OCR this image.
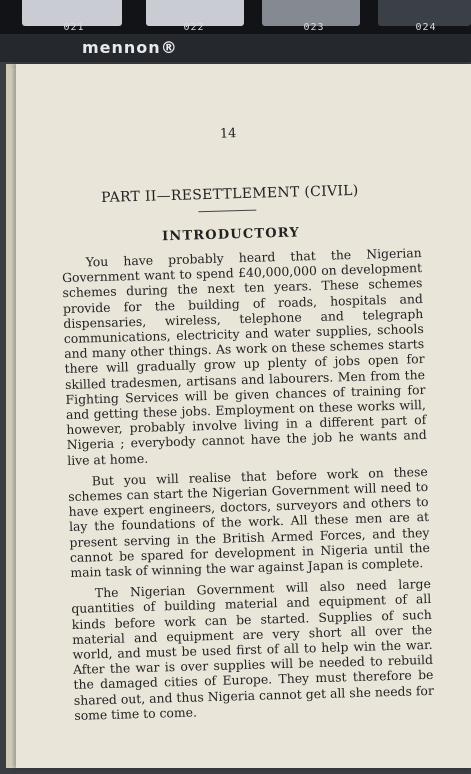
021	022	023	024
mennon®
14
PART II—RESETTLEMENT (CIVIL)
INTRODUCTORY

You have probably heard that the Nigerian Government want to spend £40,000,000 on development schemes during the next ten years. These schemes provide for the building of roads, hospitals and dispensaries, wireless, telephone and telegraph communications, electricity and water supplies, schools and many other things. As work on these schemes starts there will gradually grow up plenty of jobs open for skilled tradesmen, artisans and labourers. Men from the Fighting Services will be given chances of training for and getting these jobs. Employment on these works will, however, probably involve living in a different part of Nigeria ; everybody cannot have the job he wants and live at home.

But you will realise that before work on these schemes can start the Nigerian Government will need to have expert engineers, doctors, surveyors and others to lay the foundations of the work. All these men are at present serving in the British Armed Forces, and they cannot be spared for development in Nigeria until the main task of winning the war against Japan is complete.

The Nigerian Government will also need large quantities of building material and equipment of all kinds before work can be started. Supplies of such material and equipment are very short all over the world, and must be used first of all to help win the war. After the war is over supplies will be needed to rebuild the damaged cities of Europe. They must therefore be shared out, and thus Nigeria cannot get all she needs for some time to come.
